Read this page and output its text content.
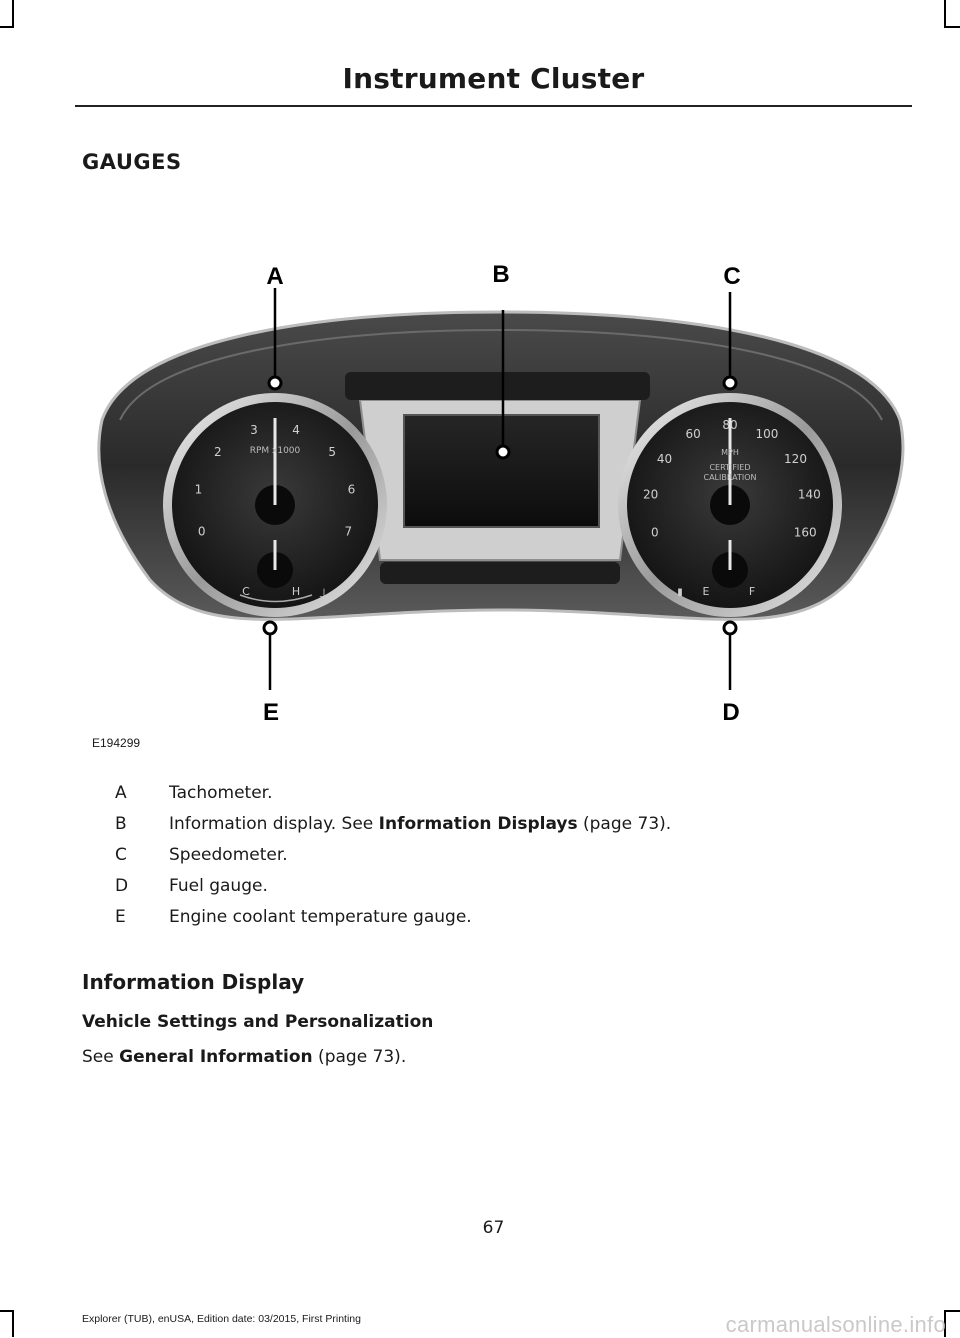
Instrument Cluster
GAUGES
0
1
2
3	4
5
6
7
RPM x1000
C	H ⊥
0
20
40
60
80
100
120
140
160
MPH
CERTIFIED
CALIBRATION
E	F
▮
A	B	C
D
E
E194299
A Tachometer.
B Information display. See Information Displays (page 73).
C Speedometer.
D Fuel gauge.
E	Engine coolant temperature gauge.
Information Display
Vehicle Settings and Personalization
See General Information (page 73).
67
Explorer (TUB), enUSA, Edition date: 03/2015, First Printing	carmanualsonline.info
